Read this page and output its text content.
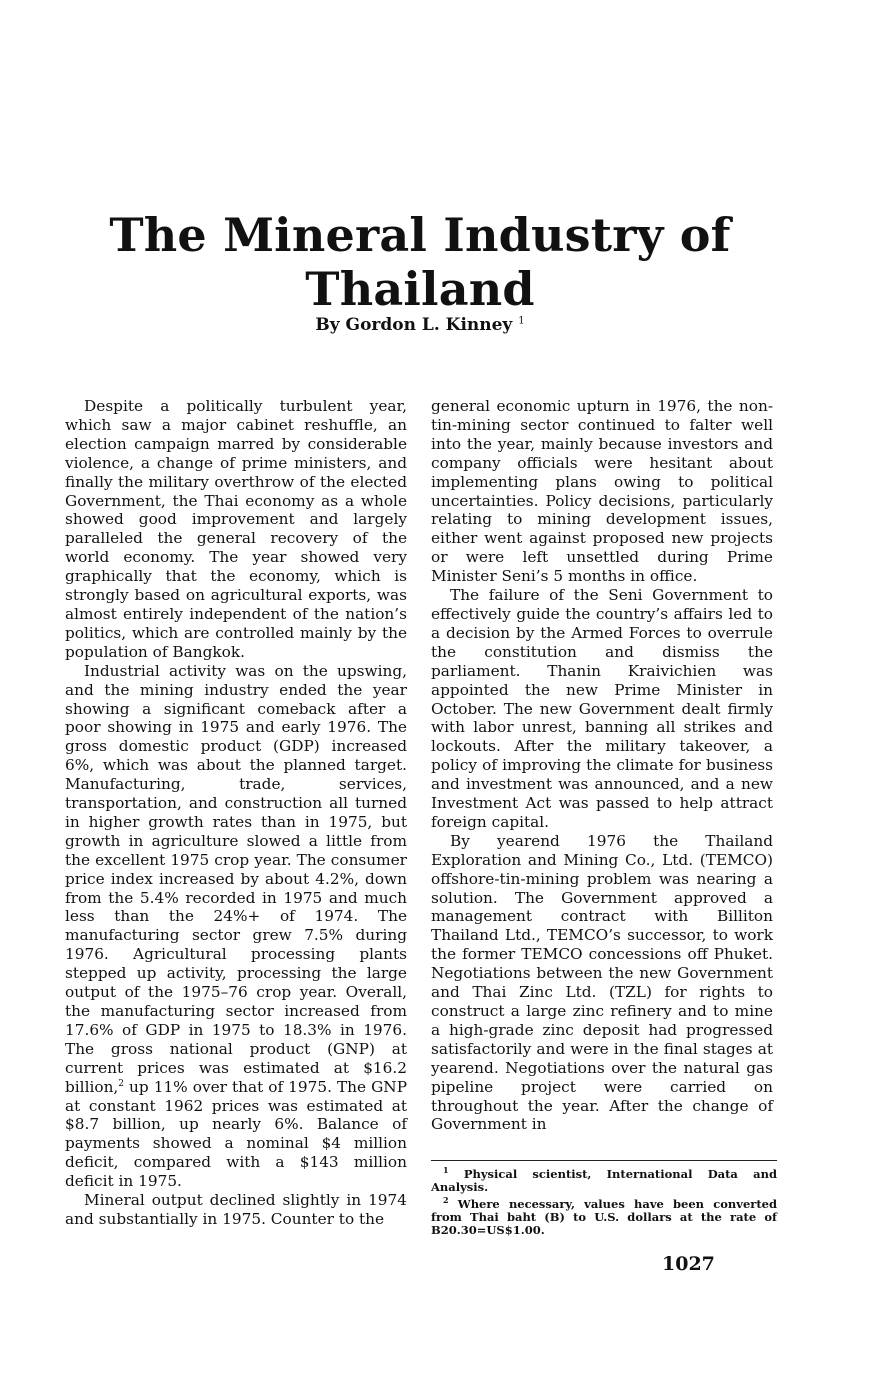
The Mineral Industry of Thailand
By Gordon L. Kinney $^1$

Despite a politically turbulent year, which saw a major cabinet reshuffle, an election campaign marred by considerable violence, a change of prime ministers, and finally the military overthrow of the elected Government, the Thai economy as a whole showed good improvement and largely paralleled the general recovery of the world economy. The year showed very graphically that the economy, which is strongly based on agricultural exports, was almost entirely independent of the nation’s politics, which are controlled mainly by the population of Bangkok.

Industrial activity was on the upswing, and the mining industry ended the year showing a significant comeback after a poor showing in 1975 and early 1976. The gross domestic product (GDP) increased 6%, which was about the planned target. Manufacturing, trade, services, transportation, and construction all turned in higher growth rates than in 1975, but growth in agriculture slowed a little from the excellent 1975 crop year. The consumer price index increased by about 4.2%, down from the 5.4% recorded in 1975 and much less than the 24%+ of 1974. The manufacturing sector grew 7.5% during 1976. Agricultural processing plants stepped up activity, processing the large output of the 1975–76 crop year. Overall, the manufacturing sector increased from 17.6% of GDP in 1975 to 18.3% in 1976. The gross national product (GNP) at current prices was estimated at $16.2 billion,$^2$ up 11% over that of 1975. The GNP at constant 1962 prices was estimated at $8.7 billion, up nearly 6%. Balance of payments showed a nominal $4 million deficit, compared with a $143 million deficit in 1975.

Mineral output declined slightly in 1974 and substantially in 1975. Counter to the

general economic upturn in 1976, the non-tin-mining sector continued to falter well into the year, mainly because investors and company officials were hesitant about implementing plans owing to political uncertainties. Policy decisions, particularly relating to mining development issues, either went against proposed new projects or were left unsettled during Prime Minister Seni’s 5 months in office.

The failure of the Seni Government to effectively guide the country’s affairs led to a decision by the Armed Forces to overrule the constitution and dismiss the parliament. Thanin Kraivichien was appointed the new Prime Minister in October. The new Government dealt firmly with labor unrest, banning all strikes and lockouts. After the military takeover, a policy of improving the climate for business and investment was announced, and a new Investment Act was passed to help attract foreign capital.

By yearend 1976 the Thailand Exploration and Mining Co., Ltd. (TEMCO) offshore-tin-mining problem was nearing a solution. The Government approved a management contract with Billiton Thailand Ltd., TEMCO’s successor, to work the former TEMCO concessions off Phuket. Negotiations between the new Government and Thai Zinc Ltd. (TZL) for rights to construct a large zinc refinery and to mine a high-grade zinc deposit had progressed satisfactorily and were in the final stages at yearend. Negotiations over the natural gas pipeline project were carried on throughout the year. After the change of Government in

$^1$ Physical scientist, International Data and Analysis.

$^2$ Where necessary, values have been converted from Thai baht (B) to U.S. dollars at the rate of B20.30=US$1.00.

1027
